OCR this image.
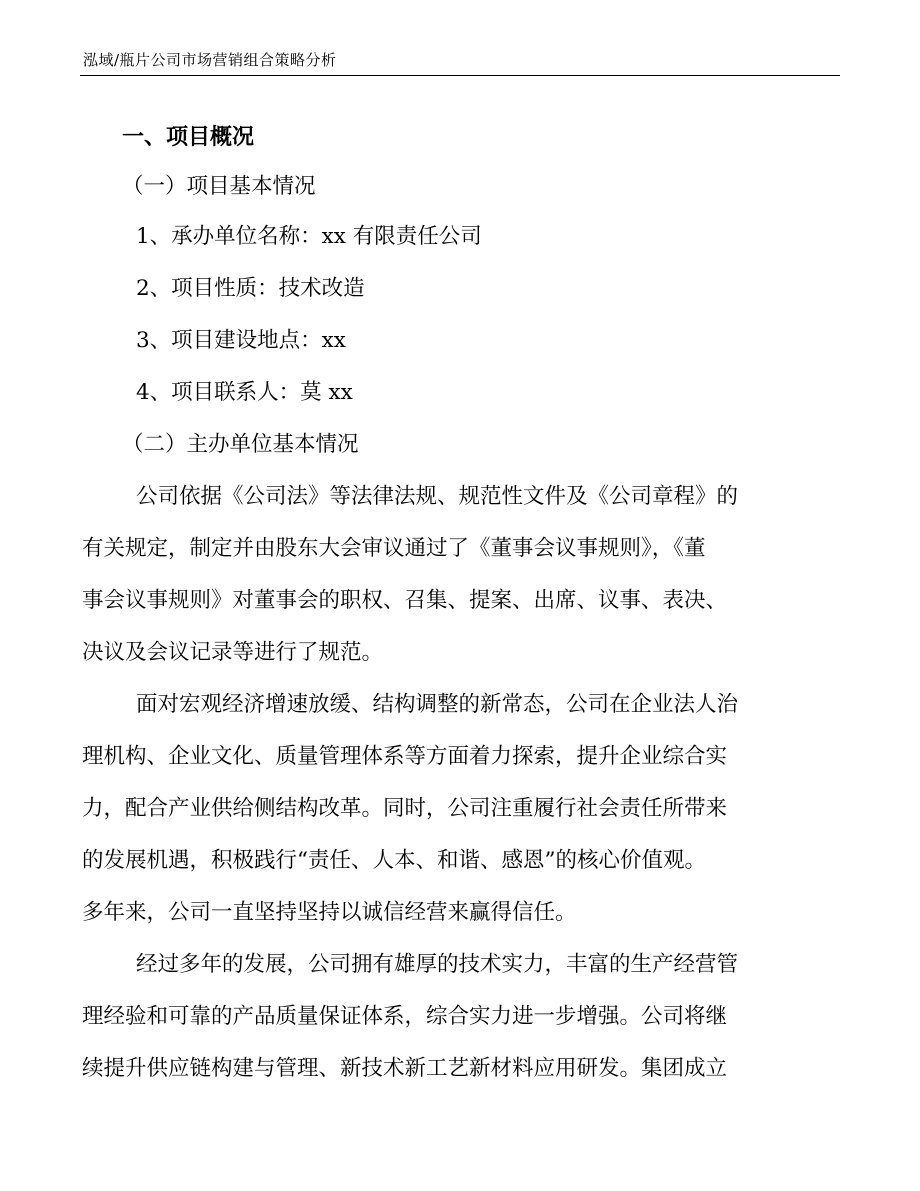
泓域/瓶片公司市场营销组合策略分析
一、项目概况
（一）项目基本情况
1、承办单位名称：xx 有限责任公司
2、项目性质：技术改造
3、项目建设地点：xx
4、项目联系人：莫 xx
（二）主办单位基本情况
公司依据《公司法》等法律法规、规范性文件及《公司章程》的
有关规定，制定并由股东大会审议通过了《董事会议事规则》，《董
事会议事规则》对董事会的职权、召集、提案、出席、议事、表决、
决议及会议记录等进行了规范。
面对宏观经济增速放缓、结构调整的新常态，公司在企业法人治
理机构、企业文化、质量管理体系等方面着力探索，提升企业综合实
力，配合产业供给侧结构改革。同时，公司注重履行社会责任所带来
的发展机遇，积极践行“责任、人本、和谐、感恩”的核心价值观。
多年来，公司一直坚持坚持以诚信经营来赢得信任。
经过多年的发展，公司拥有雄厚的技术实力，丰富的生产经营管
理经验和可靠的产品质量保证体系，综合实力进一步增强。公司将继
续提升供应链构建与管理、新技术新工艺新材料应用研发。集团成立
